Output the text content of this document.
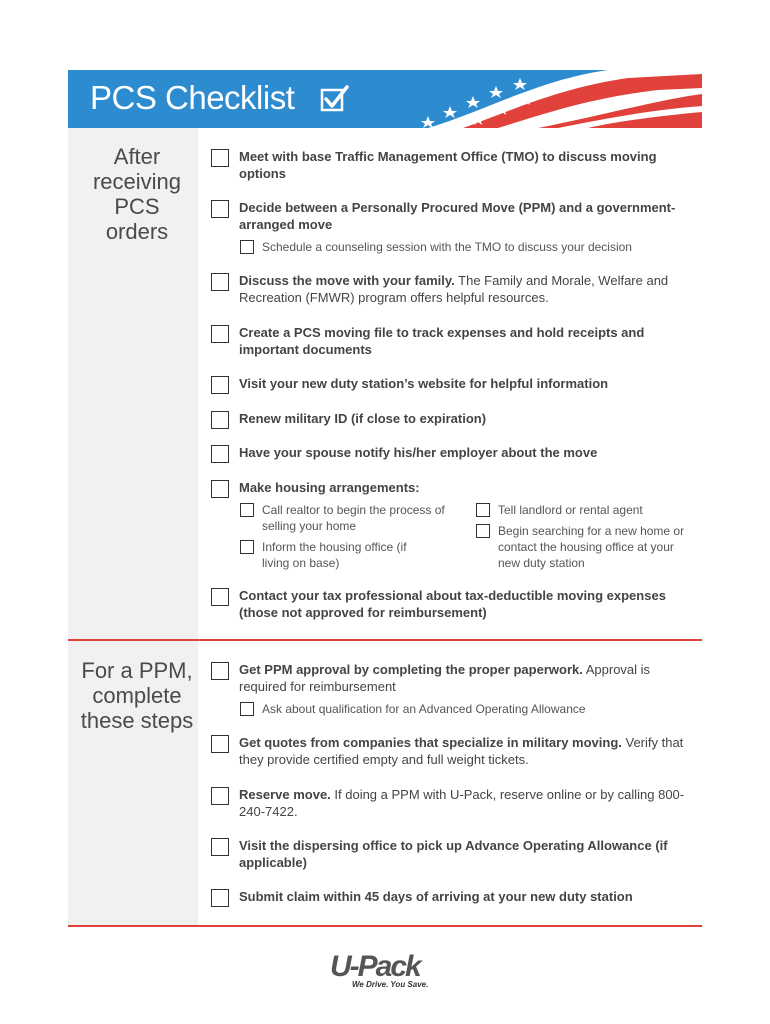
PCS Checklist
After
receiving
PCS
orders
Meet with base Traffic Management Office (TMO) to discuss moving options
Decide between a Personally Procured Move (PPM) and a government-arranged move
Schedule a counseling session with the TMO to discuss your decision
Discuss the move with your family. The Family and Morale, Welfare and Recreation (FMWR) program offers helpful resources.
Create a PCS moving file to track expenses and hold receipts and important documents
Visit your new duty station’s website for helpful information
Renew military ID (if close to expiration)
Have your spouse notify his/her employer about the move
Make housing arrangements:
Call realtor to begin the process of selling your home
Inform the housing office (if living on base)
Tell landlord or rental agent
Begin searching for a new home or contact the housing office at your new duty station
Contact your tax professional about tax-deductible moving expenses (those not approved for reimbursement)
For a PPM,
complete
these steps
Get PPM approval by completing the proper paperwork. Approval is required for reimbursement
Ask about qualification for an Advanced Operating Allowance
Get quotes from companies that specialize in military moving. Verify that they provide certified empty and full weight tickets.
Reserve move. If doing a PPM with U-Pack, reserve online or by calling 800-240-7422.
Visit the dispersing office to pick up Advance Operating Allowance (if applicable)
Submit claim within 45 days of arriving at your new duty station
U-Pack
We Drive. You Save.
